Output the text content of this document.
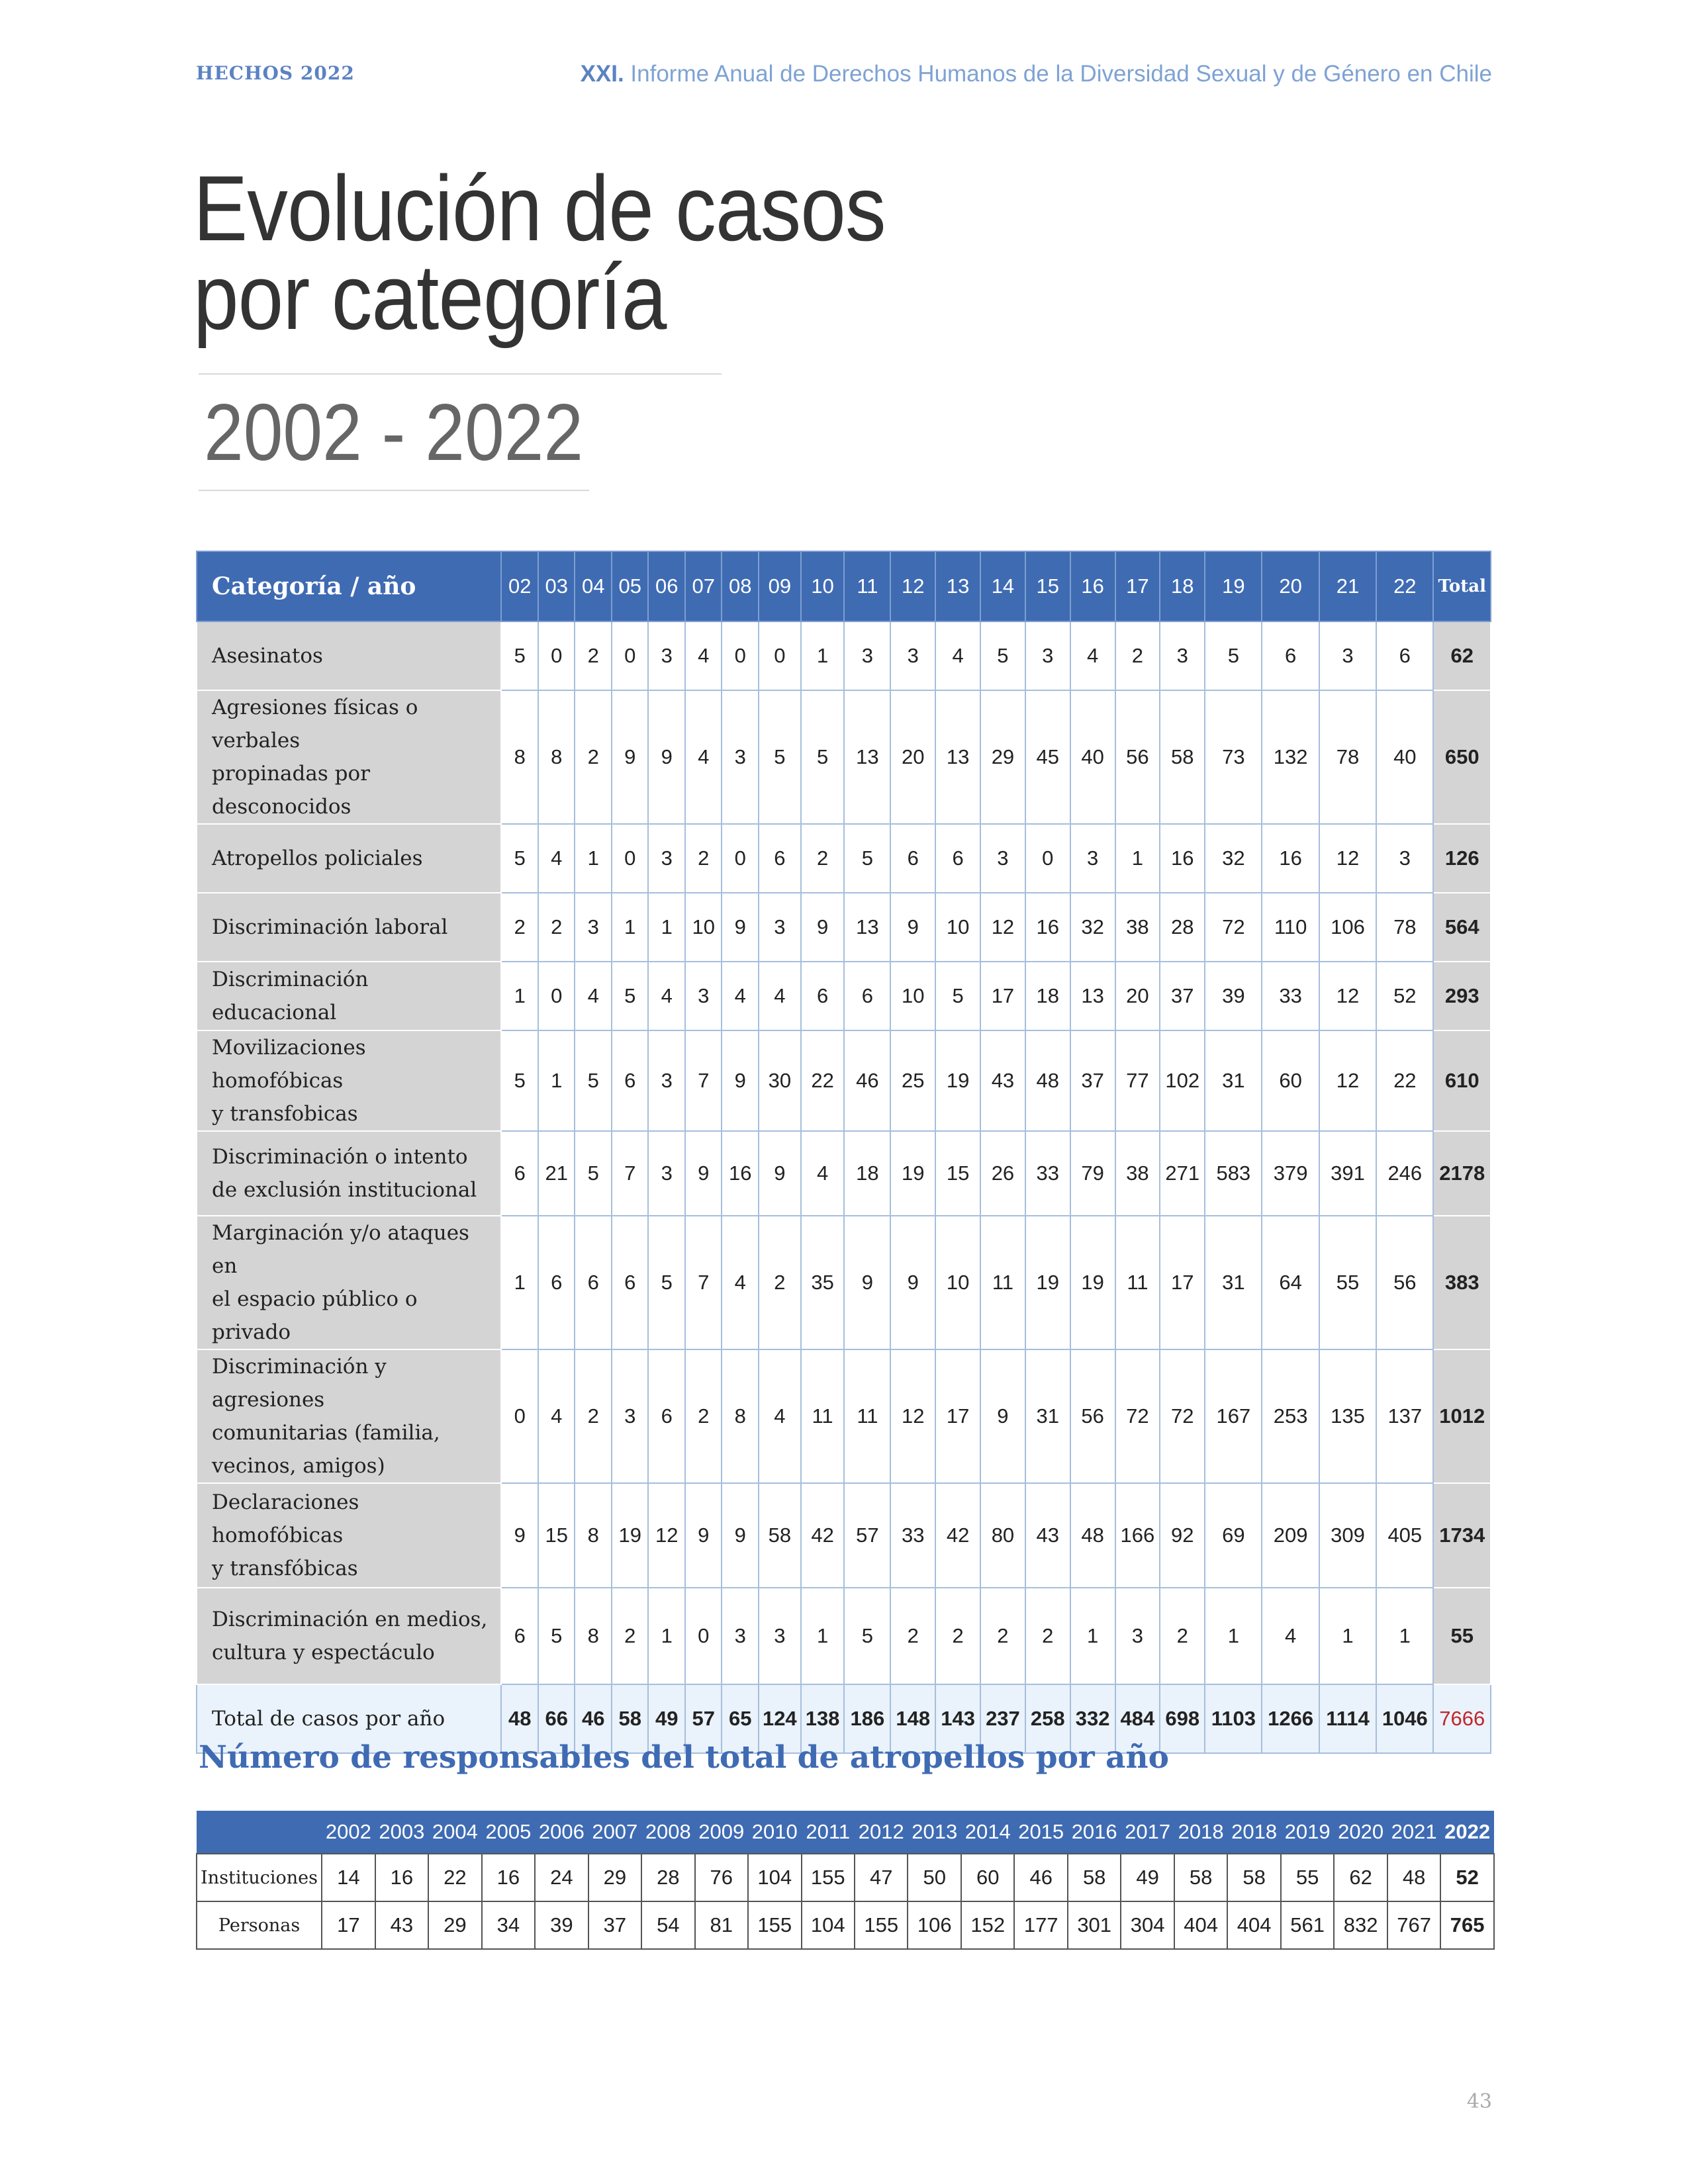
HECHOS 2022	XXI. Informe Anual de Derechos Humanos de la Diversidad Sexual y de Género en Chile
Evolución de casos
por categoría
2002 - 2022
Categoría / año	02	03	04	05	06	07	08	09	10	11	12	13	14	15	16	17	18	19	20	21	22	Total

Asesinatos	5	0	2	0	3	4	0	0	1	3	3	4	5	3	4	2	3	5	6	3	6	62

Agresiones físicas o verbales
propinadas por desconocidos	8	8	2	9	9	4	3	5	5	13	20	13	29	45	40	56	58	73	132	78	40	650

Atropellos policiales	5	4	1	0	3	2	0	6	2	5	6	6	3	0	3	1	16	32	16	12	3	126

Discriminación laboral	2	2	3	1	1	10	9	3	9	13	9	10	12	16	32	38	28	72	110	106	78	564

Discriminación educacional	1	0	4	5	4	3	4	4	6	6	10	5	17	18	13	20	37	39	33	12	52	293

Movilizaciones homofóbicas
y transfobicas	5	1	5	6	3	7	9	30	22	46	25	19	43	48	37	77	102	31	60	12	22	610

Discriminación o intento
de exclusión institucional	6	21	5	7	3	9	16	9	4	18	19	15	26	33	79	38	271	583	379	391	246	2178

Marginación y/o ataques en
el espacio público o privado	1	6	6	6	5	7	4	2	35	9	9	10	11	19	19	11	17	31	64	55	56	383

Discriminación y agresiones
comunitarias (familia,
vecinos, amigos)	0	4	2	3	6	2	8	4	11	11	12	17	9	31	56	72	72	167	253	135	137	1012

Declaraciones homofóbicas
y transfóbicas	9	15	8	19	12	9	9	58	42	57	33	42	80	43	48	166	92	69	209	309	405	1734

Discriminación en medios,
cultura y espectáculo	6	5	8	2	1	0	3	3	1	5	2	2	2	2	1	3	2	1	4	1	1	55
Total de casos por año	48	66	46	58	49	57	65	124	138	186	148	143	237	258	332	484	698	1103	1266	1114	1046	7666
Número de responsables del total de atropellos por año
	2002	2003	2004	2005	2006	2007	2008	2009	2010	2011	2012	2013	2014	2015	2016	2017	2018	2018	2019	2020	2021	2022
Instituciones	14	16	22	16	24	29	28	76	104	155	47	50	60	46	58	49	58	58	55	62	48	52
Personas	17	43	29	34	39	37	54	81	155	104	155	106	152	177	301	304	404	404	561	832	767	765
43
